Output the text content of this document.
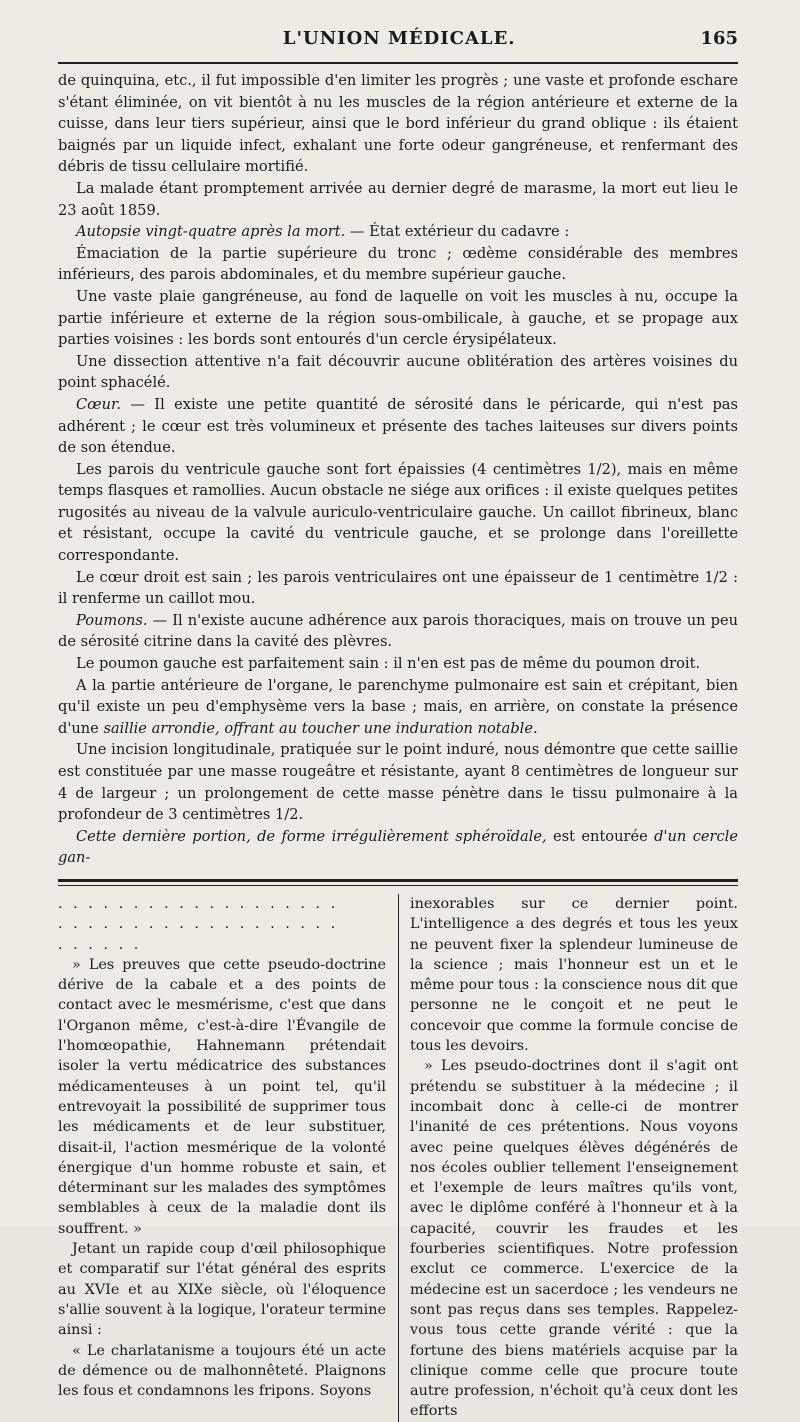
L'UNION MÉDICALE.	165

de quinquina, etc., il fut impossible d'en limiter les progrès ; une vaste et profonde eschare s'étant éliminée, on vit bientôt à nu les muscles de la région antérieure et externe de la cuisse, dans leur tiers supérieur, ainsi que le bord inférieur du grand oblique : ils étaient baignés par un liquide infect, exhalant une forte odeur gangréneuse, et renfermant des débris de tissu cellulaire mortifié.

La malade étant promptement arrivée au dernier degré de marasme, la mort eut lieu le 23 août 1859.

Autopsie vingt-quatre après la mort. — État extérieur du cadavre :

Émaciation de la partie supérieure du tronc ; œdème considérable des membres inférieurs, des parois abdominales, et du membre supérieur gauche.

Une vaste plaie gangréneuse, au fond de laquelle on voit les muscles à nu, occupe la partie inférieure et externe de la région sous-ombilicale, à gauche, et se propage aux parties voisines : les bords sont entourés d'un cercle érysipélateux.

Une dissection attentive n'a fait découvrir aucune oblitération des artères voisines du point sphacélé.

Cœur. — Il existe une petite quantité de sérosité dans le péricarde, qui n'est pas adhérent ; le cœur est très volumineux et présente des taches laiteuses sur divers points de son étendue.

Les parois du ventricule gauche sont fort épaissies (4 centimètres 1/2), mais en même temps flasques et ramollies. Aucun obstacle ne siége aux orifices : il existe quelques petites rugosités au niveau de la valvule auriculo-ventriculaire gauche. Un caillot fibrineux, blanc et résistant, occupe la cavité du ventricule gauche, et se prolonge dans l'oreillette correspondante.

Le cœur droit est sain ; les parois ventriculaires ont une épaisseur de 1 centimètre 1/2 : il renferme un caillot mou.

Poumons. — Il n'existe aucune adhérence aux parois thoraciques, mais on trouve un peu de sérosité citrine dans la cavité des plèvres.

Le poumon gauche est parfaitement sain : il n'en est pas de même du poumon droit.

A la partie antérieure de l'organe, le parenchyme pulmonaire est sain et crépitant, bien qu'il existe un peu d'emphysème vers la base ; mais, en arrière, on constate la présence d'une saillie arrondie, offrant au toucher une induration notable.

Une incision longitudinale, pratiquée sur le point induré, nous démontre que cette saillie est constituée par une masse rougeâtre et résistante, ayant 8 centimètres de longueur sur 4 de largeur ; un prolongement de cette masse pénètre dans le tissu pulmonaire à la profondeur de 3 centimètres 1/2.

Cette dernière portion, de forme irrégulièrement sphéroïdale, est entourée d'un cercle gan-

. . . . . . . . . . . . . . . . . . .

. . . . . . . . . . . . . . . . . . .

. . . . . .

» Les preuves que cette pseudo-doctrine dérive de la cabale et a des points de contact avec le mesmérisme, c'est que dans l'Organon même, c'est-à-dire l'Évangile de l'homœopathie, Hahnemann prétendait isoler la vertu médicatrice des substances médicamenteuses à un point tel, qu'il entrevoyait la possibilité de supprimer tous les médicaments et de leur substituer, disait-il, l'action mesmérique de la volonté énergique d'un homme robuste et sain, et déterminant sur les malades des symptômes semblables à ceux de la maladie dont ils souffrent. »

Jetant un rapide coup d'œil philosophique et comparatif sur l'état général des esprits au XVIe et au XIXe siècle, où l'éloquence s'allie souvent à la logique, l'orateur termine ainsi :

« Le charlatanisme a toujours été un acte de démence ou de malhonnêteté. Plaignons les fous et condamnons les fripons. Soyons

inexorables sur ce dernier point. L'intelligence a des degrés et tous les yeux ne peuvent fixer la splendeur lumineuse de la science ; mais l'honneur est un et le même pour tous : la conscience nous dit que personne ne le conçoit et ne peut le concevoir que comme la formule concise de tous les devoirs.

» Les pseudo-doctrines dont il s'agit ont prétendu se substituer à la médecine ; il incombait donc à celle-ci de montrer l'inanité de ces prétentions. Nous voyons avec peine quelques élèves dégénérés de nos écoles oublier tellement l'enseignement et l'exemple de leurs maîtres qu'ils vont, avec le diplôme conféré à l'honneur et à la capacité, couvrir les fraudes et les fourberies scientifiques. Notre profession exclut ce commerce. L'exercice de la médecine est un sacerdoce ; les vendeurs ne sont pas reçus dans ses temples. Rappelez-vous tous cette grande vérité : que la fortune des biens matériels acquise par la clinique comme celle que procure toute autre profession, n'échoit qu'à ceux dont les efforts
